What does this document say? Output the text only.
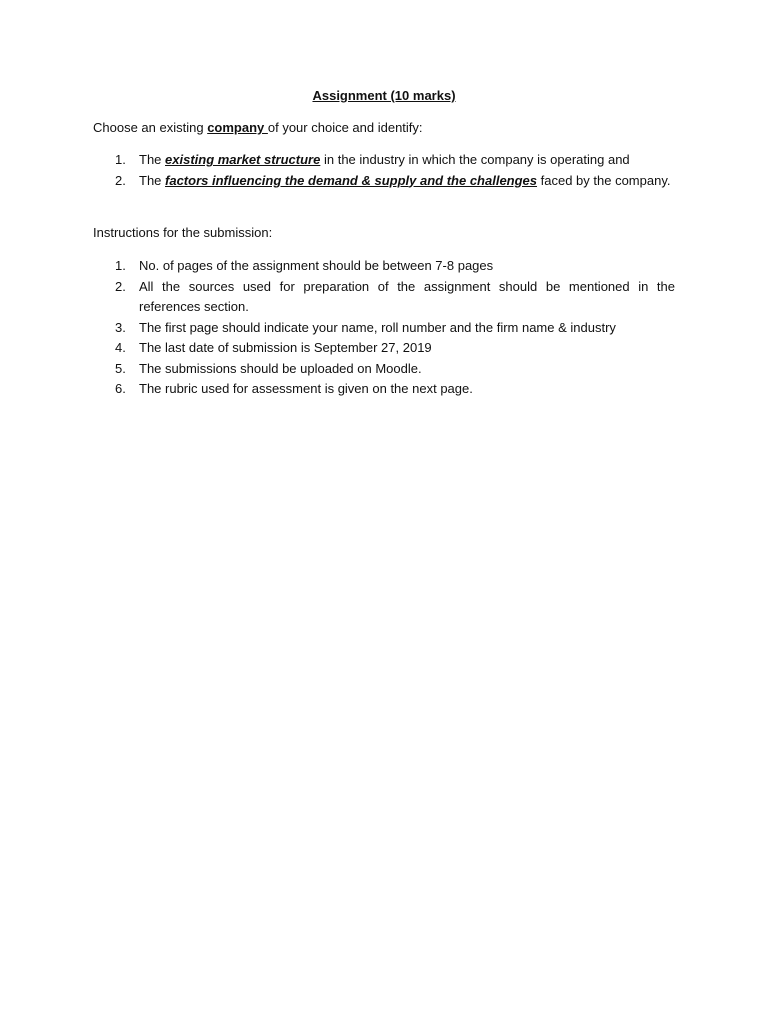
Assignment (10 marks)
Choose an existing company of your choice and identify:
1. The existing market structure in the industry in which the company is operating and
2. The factors influencing the demand & supply and the challenges faced by the company.
Instructions for the submission:
1. No. of pages of the assignment should be between 7-8 pages
2. All the sources used for preparation of the assignment should be mentioned in the references section.
3. The first page should indicate your name, roll number and the firm name & industry
4. The last date of submission is September 27, 2019
5. The submissions should be uploaded on Moodle.
6. The rubric used for assessment is given on the next page.
